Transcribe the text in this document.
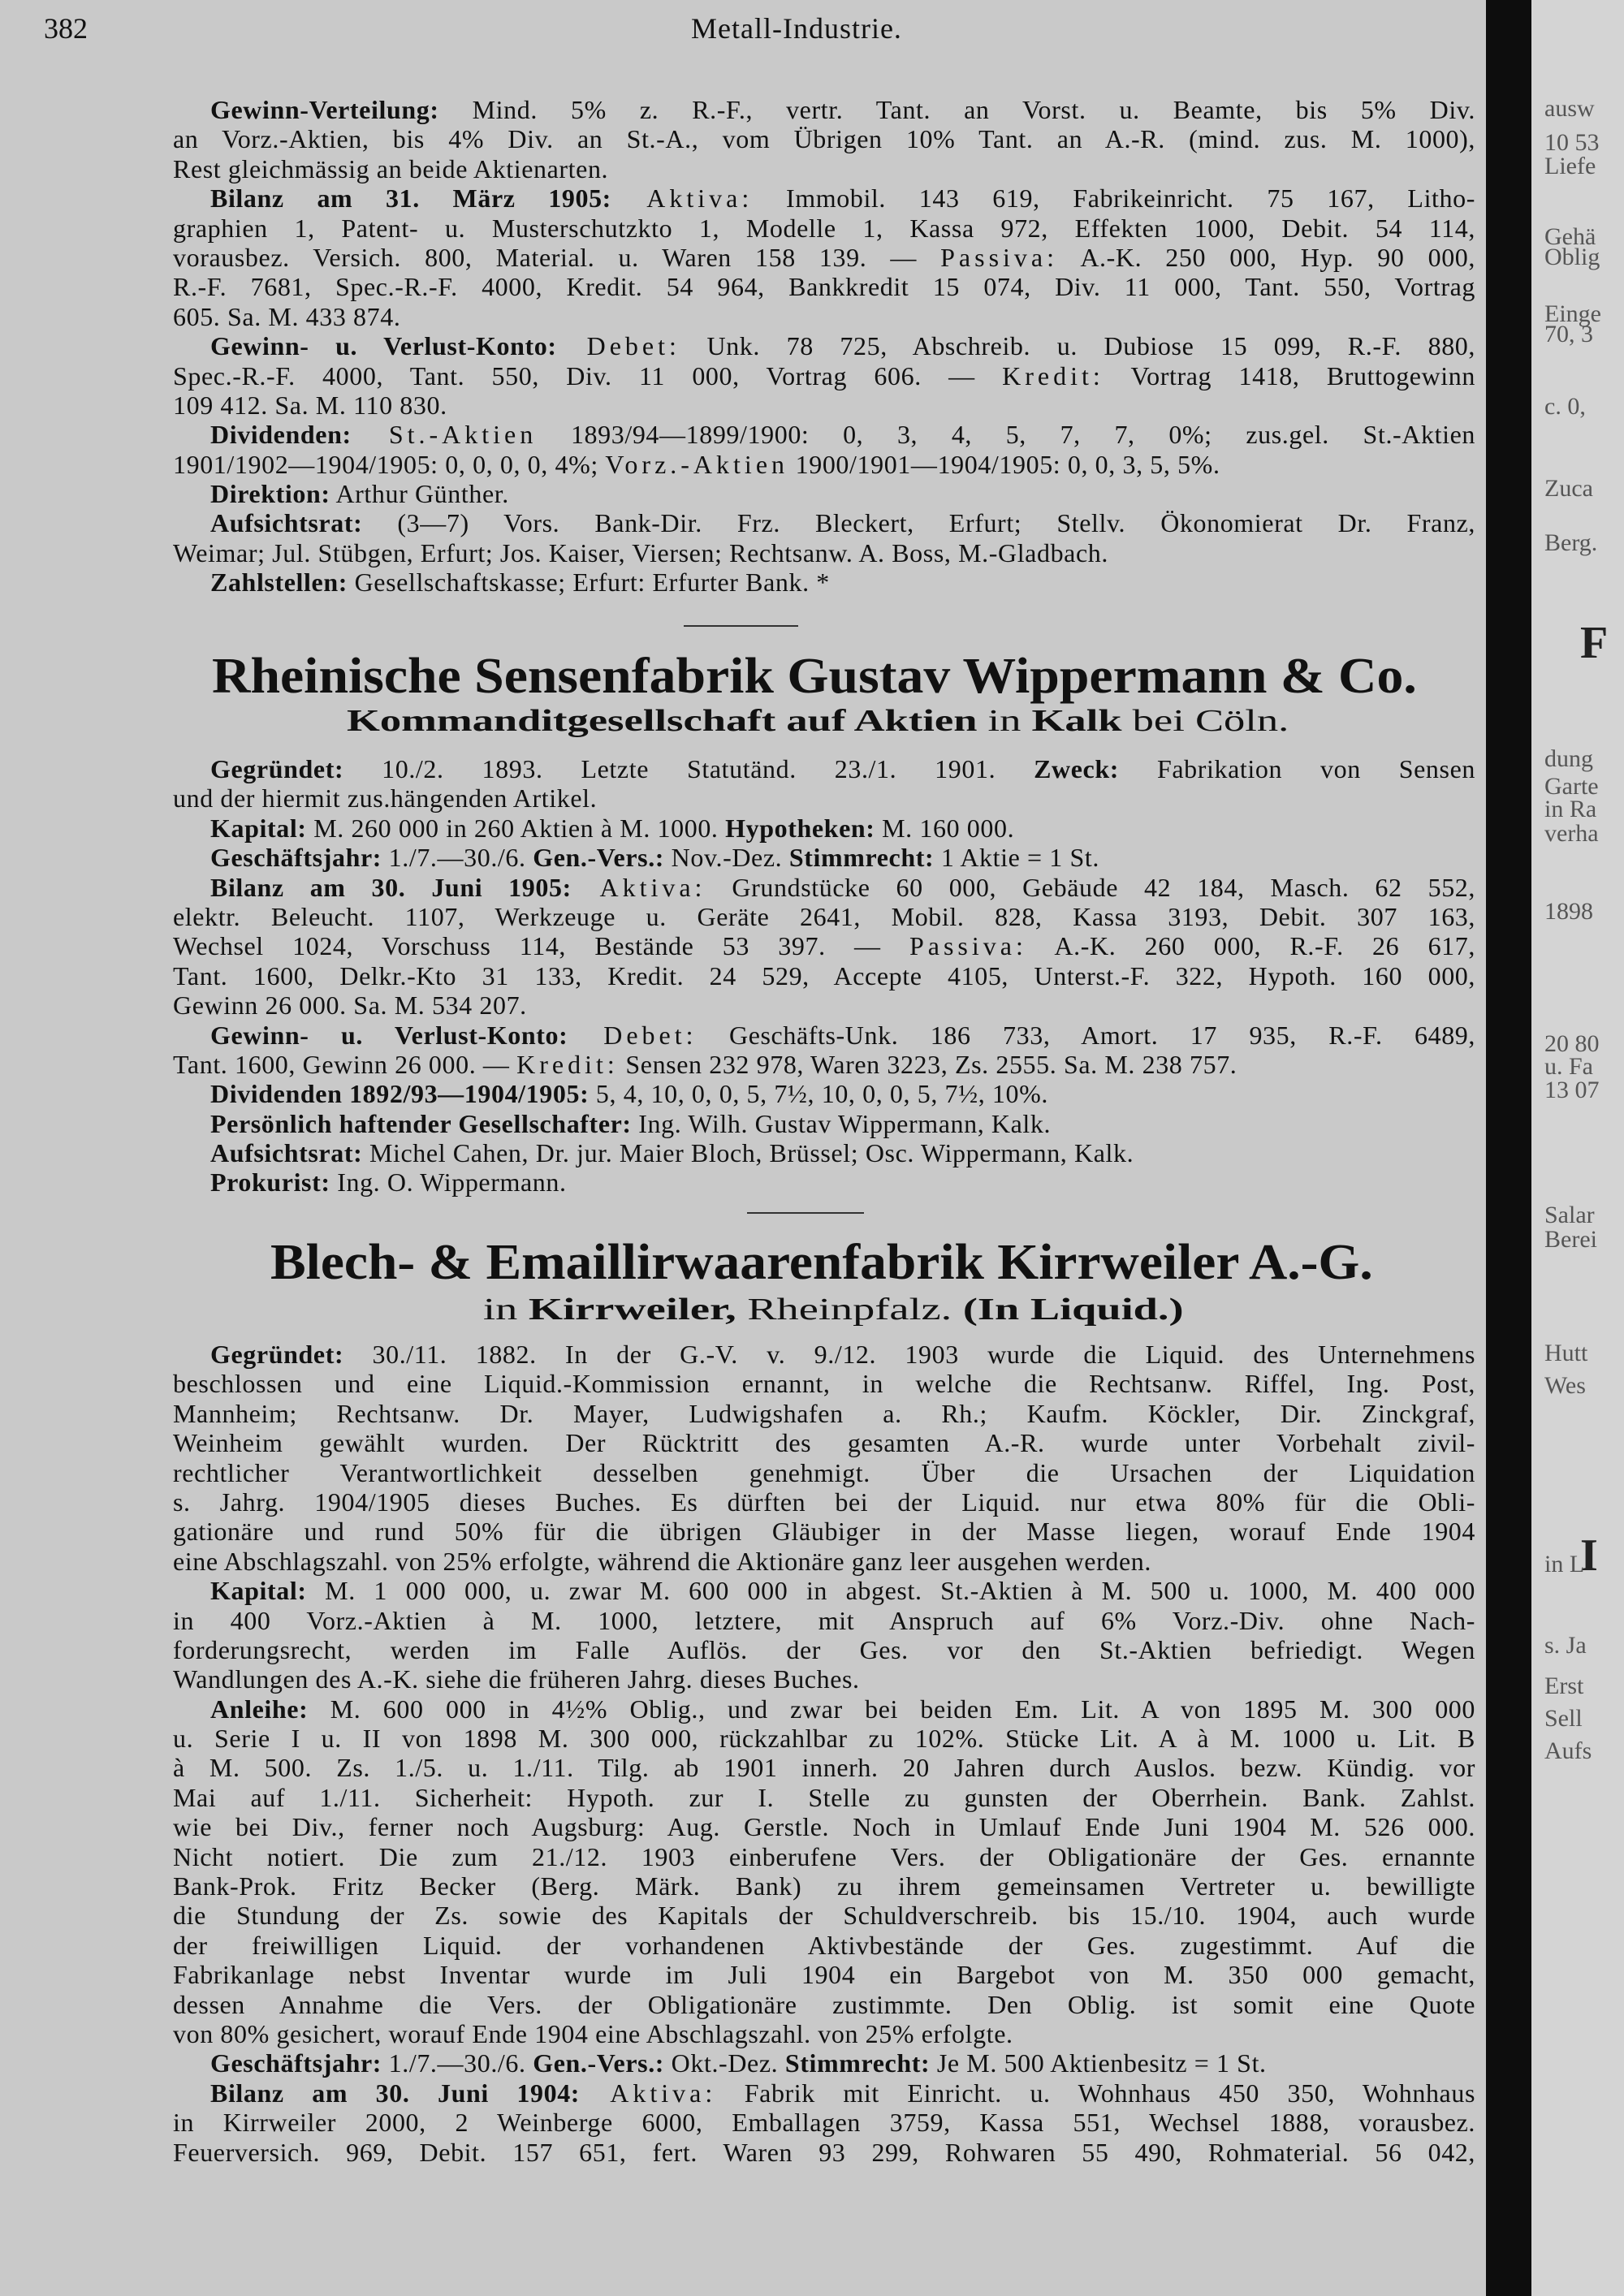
382	Metall-Industrie.
Gewinn-Verteilung: Mind. 5% z. R.-F., vertr. Tant. an Vorst. u. Beamte, bis 5% Div.
an Vorz.-Aktien, bis 4% Div. an St.-A., vom Übrigen 10% Tant. an A.-R. (mind. zus. M. 1000),
Rest gleichmässig an beide Aktienarten.
Bilanz am 31. März 1905: Aktiva: Immobil. 143 619, Fabrikeinricht. 75 167, Litho-
graphien 1, Patent- u. Musterschutzkto 1, Modelle 1, Kassa 972, Effekten 1000, Debit. 54 114,
vorausbez. Versich. 800, Material. u. Waren 158 139. — Passiva: A.-K. 250 000, Hyp. 90 000,
R.-F. 7681, Spec.-R.-F. 4000, Kredit. 54 964, Bankkredit 15 074, Div. 11 000, Tant. 550, Vortrag
605. Sa. M. 433 874.
Gewinn- u. Verlust-Konto: Debet: Unk. 78 725, Abschreib. u. Dubiose 15 099, R.-F. 880,
Spec.-R.-F. 4000, Tant. 550, Div. 11 000, Vortrag 606. — Kredit: Vortrag 1418, Bruttogewinn
109 412. Sa. M. 110 830.
Dividenden: St.-Aktien 1893/94—1899/1900: 0, 3, 4, 5, 7, 7, 0%; zus.gel. St.-Aktien
1901/1902—1904/1905: 0, 0, 0, 0, 4%; Vorz.-Aktien 1900/1901—1904/1905: 0, 0, 3, 5, 5%.
Direktion: Arthur Günther.
Aufsichtsrat: (3—7) Vors. Bank-Dir. Frz. Bleckert, Erfurt; Stellv. Ökonomierat Dr. Franz,
Weimar; Jul. Stübgen, Erfurt; Jos. Kaiser, Viersen; Rechtsanw. A. Boss, M.-Gladbach.
Zahlstellen: Gesellschaftskasse; Erfurt: Erfurter Bank. *
Rheinische Sensenfabrik Gustav Wippermann & Co.
Kommanditgesellschaft auf Aktien in Kalk bei Cöln.
Gegründet: 10./2. 1893. Letzte Statutänd. 23./1. 1901. Zweck: Fabrikation von Sensen
und der hiermit zus.hängenden Artikel.
Kapital: M. 260 000 in 260 Aktien à M. 1000. Hypotheken: M. 160 000.
Geschäftsjahr: 1./7.—30./6. Gen.-Vers.: Nov.-Dez. Stimmrecht: 1 Aktie = 1 St.
Bilanz am 30. Juni 1905: Aktiva: Grundstücke 60 000, Gebäude 42 184, Masch. 62 552,
elektr. Beleucht. 1107, Werkzeuge u. Geräte 2641, Mobil. 828, Kassa 3193, Debit. 307 163,
Wechsel 1024, Vorschuss 114, Bestände 53 397. — Passiva: A.-K. 260 000, R.-F. 26 617,
Tant. 1600, Delkr.-Kto 31 133, Kredit. 24 529, Accepte 4105, Unterst.-F. 322, Hypoth. 160 000,
Gewinn 26 000. Sa. M. 534 207.
Gewinn- u. Verlust-Konto: Debet: Geschäfts-Unk. 186 733, Amort. 17 935, R.-F. 6489,
Tant. 1600, Gewinn 26 000. — Kredit: Sensen 232 978, Waren 3223, Zs. 2555. Sa. M. 238 757.
Dividenden 1892/93—1904/1905: 5, 4, 10, 0, 0, 5, 7½, 10, 0, 0, 5, 7½, 10%.
Persönlich haftender Gesellschafter: Ing. Wilh. Gustav Wippermann, Kalk.
Aufsichtsrat: Michel Cahen, Dr. jur. Maier Bloch, Brüssel; Osc. Wippermann, Kalk.
Prokurist: Ing. O. Wippermann.
Blech- & Emaillirwaarenfabrik Kirrweiler A.-G.
in Kirrweiler, Rheinpfalz. (In Liquid.)
Gegründet: 30./11. 1882. In der G.-V. v. 9./12. 1903 wurde die Liquid. des Unternehmens
beschlossen und eine Liquid.-Kommission ernannt, in welche die Rechtsanw. Riffel, Ing. Post,
Mannheim; Rechtsanw. Dr. Mayer, Ludwigshafen a. Rh.; Kaufm. Köckler, Dir. Zinckgraf,
Weinheim gewählt wurden. Der Rücktritt des gesamten A.-R. wurde unter Vorbehalt zivil-
rechtlicher Verantwortlichkeit desselben genehmigt. Über die Ursachen der Liquidation
s. Jahrg. 1904/1905 dieses Buches. Es dürften bei der Liquid. nur etwa 80% für die Obli-
gationäre und rund 50% für die übrigen Gläubiger in der Masse liegen, worauf Ende 1904
eine Abschlagszahl. von 25% erfolgte, während die Aktionäre ganz leer ausgehen werden.
Kapital: M. 1 000 000, u. zwar M. 600 000 in abgest. St.-Aktien à M. 500 u. 1000, M. 400 000
in 400 Vorz.-Aktien à M. 1000, letztere, mit Anspruch auf 6% Vorz.-Div. ohne Nach-
forderungsrecht, werden im Falle Auflös. der Ges. vor den St.-Aktien befriedigt. Wegen
Wandlungen des A.-K. siehe die früheren Jahrg. dieses Buches.
Anleihe: M. 600 000 in 4½% Oblig., und zwar bei beiden Em. Lit. A von 1895 M. 300 000
u. Serie I u. II von 1898 M. 300 000, rückzahlbar zu 102%. Stücke Lit. A à M. 1000 u. Lit. B
à M. 500. Zs. 1./5. u. 1./11. Tilg. ab 1901 innerh. 20 Jahren durch Auslos. bezw. Kündig. vor
Mai auf 1./11. Sicherheit: Hypoth. zur I. Stelle zu gunsten der Oberrhein. Bank. Zahlst.
wie bei Div., ferner noch Augsburg: Aug. Gerstle. Noch in Umlauf Ende Juni 1904 M. 526 000.
Nicht notiert. Die zum 21./12. 1903 einberufene Vers. der Obligationäre der Ges. ernannte
Bank-Prok. Fritz Becker (Berg. Märk. Bank) zu ihrem gemeinsamen Vertreter u. bewilligte
die Stundung der Zs. sowie des Kapitals der Schuldverschreib. bis 15./10. 1904, auch wurde
der freiwilligen Liquid. der vorhandenen Aktivbestände der Ges. zugestimmt. Auf die
Fabrikanlage nebst Inventar wurde im Juli 1904 ein Bargebot von M. 350 000 gemacht,
dessen Annahme die Vers. der Obligationäre zustimmte. Den Oblig. ist somit eine Quote
von 80% gesichert, worauf Ende 1904 eine Abschlagszahl. von 25% erfolgte.
Geschäftsjahr: 1./7.—30./6. Gen.-Vers.: Okt.-Dez. Stimmrecht: Je M. 500 Aktienbesitz = 1 St.
Bilanz am 30. Juni 1904: Aktiva: Fabrik mit Einricht. u. Wohnhaus 450 350, Wohnhaus
in Kirrweiler 2000, 2 Weinberge 6000, Emballagen 3759, Kassa 551, Wechsel 1888, vorausbez.
Feuerversich. 969, Debit. 157 651, fert. Waren 93 299, Rohwaren 55 490, Rohmaterial. 56 042,
ausw
10 53
Liefe
Gehä
Oblig
Einge
70, 3
c. 0,
Zuca
Berg.
F
dung
Garte
in Ra
verha
1898
20 80
u. Fa
13 07
Salar
Berei
Hutt
Wes
I
in L
s. Ja
Erst
Sell
Aufs
